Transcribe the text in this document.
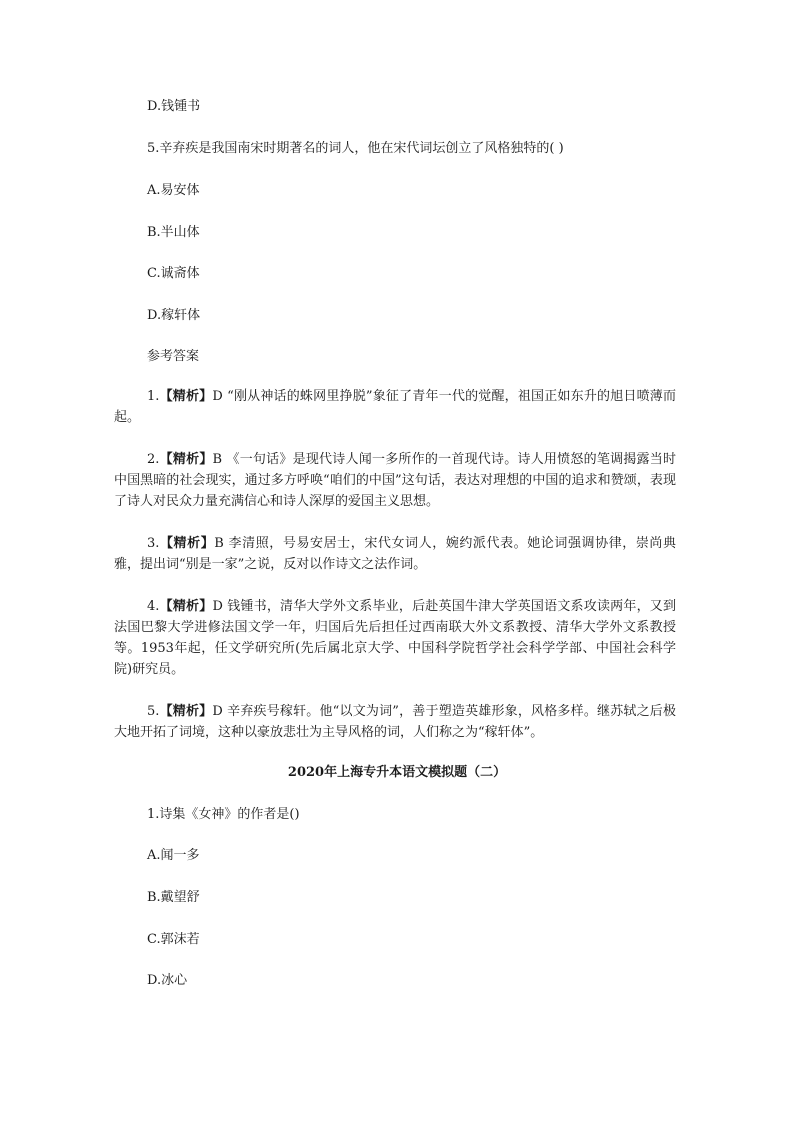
D.钱锺书
5.辛弃疾是我国南宋时期著名的词人，他在宋代词坛创立了风格独特的( )
A.易安体
B.半山体
C.诚斋体
D.稼轩体
参考答案
1.【精析】D “刚从神话的蛛网里挣脱”象征了青年一代的觉醒，祖国正如东升的旭日喷薄而起。
2.【精析】B 《一句话》是现代诗人闻一多所作的一首现代诗。诗人用愤怒的笔调揭露当时中国黑暗的社会现实，通过多方呼唤“咱们的中国”这句话，表达对理想的中国的追求和赞颂，表现了诗人对民众力量充满信心和诗人深厚的爱国主义思想。
3.【精析】B 李清照，号易安居士，宋代女词人，婉约派代表。她论词强调协律，崇尚典雅，提出词“别是一家”之说，反对以作诗文之法作词。
4.【精析】D 钱锺书，清华大学外文系毕业，后赴英国牛津大学英国语文系攻读两年，又到法国巴黎大学进修法国文学一年，归国后先后担任过西南联大外文系教授、清华大学外文系教授等。1953年起，任文学研究所(先后属北京大学、中国科学院哲学社会科学学部、中国社会科学院)研究员。
5.【精析】D 辛弃疾号稼轩。他“以文为词”，善于塑造英雄形象，风格多样。继苏轼之后极大地开拓了词境，这种以豪放悲壮为主导风格的词，人们称之为“稼轩体”。
2020年上海专升本语文模拟题（二）
1.诗集《女神》的作者是()
A.闻一多
B.戴望舒
C.郭沫若
D.冰心
